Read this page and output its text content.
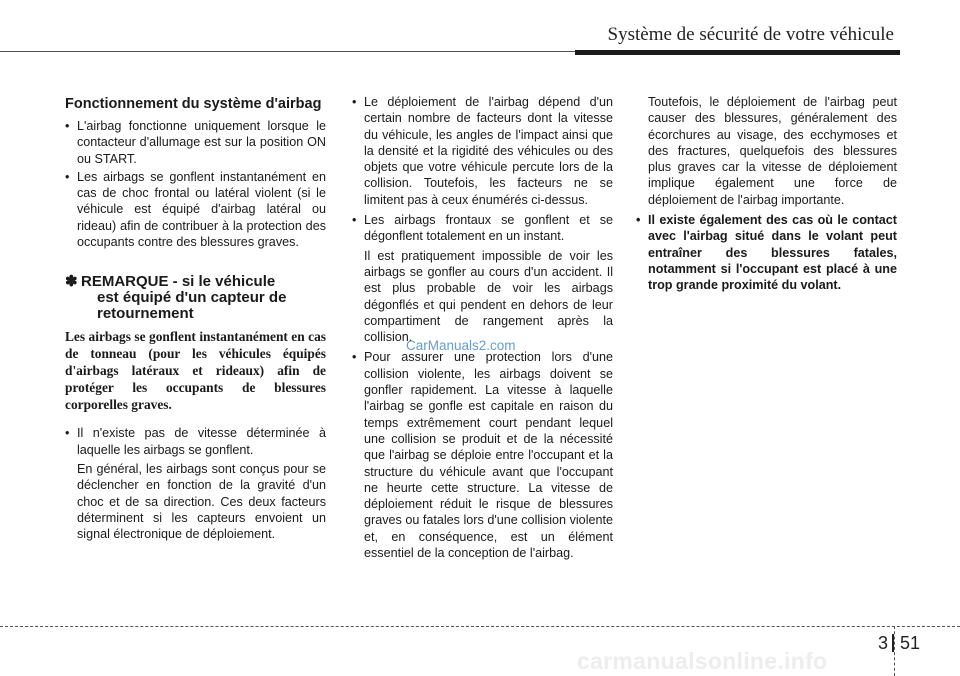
Système de sécurité de votre véhicule
Fonctionnement du système d'airbag
• L'airbag fonctionne uniquement lorsque le contacteur d'allumage est sur la position ON ou START.
• Les airbags se gonflent instantanément en cas de choc frontal ou latéral violent (si le véhicule est équipé d'airbag latéral ou rideau) afin de contribuer à la protection des occupants contre des blessures graves.
✽ REMARQUE - si le véhicule
est équipé d'un capteur de
retournement
Les airbags se gonflent instantanément en cas de tonneau (pour les véhicules équipés d'airbags latéraux et rideaux) afin de protéger les occupants de blessures corporelles graves.
• Il n'existe pas de vitesse déterminée à laquelle les airbags se gonflent.
En général, les airbags sont conçus pour se déclencher en fonction de la gravité d'un choc et de sa direction. Ces deux facteurs déterminent si les capteurs envoient un signal électronique de déploiement.
• Le déploiement de l'airbag dépend d'un certain nombre de facteurs dont la vitesse du véhicule, les angles de l'impact ainsi que la densité et la rigidité des véhicules ou des objets que votre véhicule percute lors de la collision. Toutefois, les facteurs ne se limitent pas à ceux énumérés ci-dessus.
• Les airbags frontaux se gonflent et se dégonflent totalement en un instant.
Il est pratiquement impossible de voir les airbags se gonfler au cours d'un accident. Il est plus probable de voir les airbags dégonflés et qui pendent en dehors de leur compartiment de rangement après la collision.
• Pour assurer une protection lors d'une collision violente, les airbags doivent se gonfler rapidement. La vitesse à laquelle l'airbag se gonfle est capitale en raison du temps extrêmement court pendant lequel une collision se produit et de la nécessité que l'airbag se déploie entre l'occupant et la structure du véhicule avant que l'occupant ne heurte cette structure. La vitesse de déploiement réduit le risque de blessures graves ou fatales lors d'une collision violente et, en conséquence, est un élément essentiel de la conception de l'airbag.
Toutefois, le déploiement de l'airbag peut causer des blessures, généralement des écorchures au visage, des ecchymoses et des fractures, quelquefois des blessures plus graves car la vitesse de déploiement implique également une force de déploiement de l'airbag importante.
• Il existe également des cas où le contact avec l'airbag situé dans le volant peut entraîner des blessures fatales, notamment si l'occupant est placé à une trop grande proximité du volant.
CarManuals2.com
3 51
carmanualsonline.info
